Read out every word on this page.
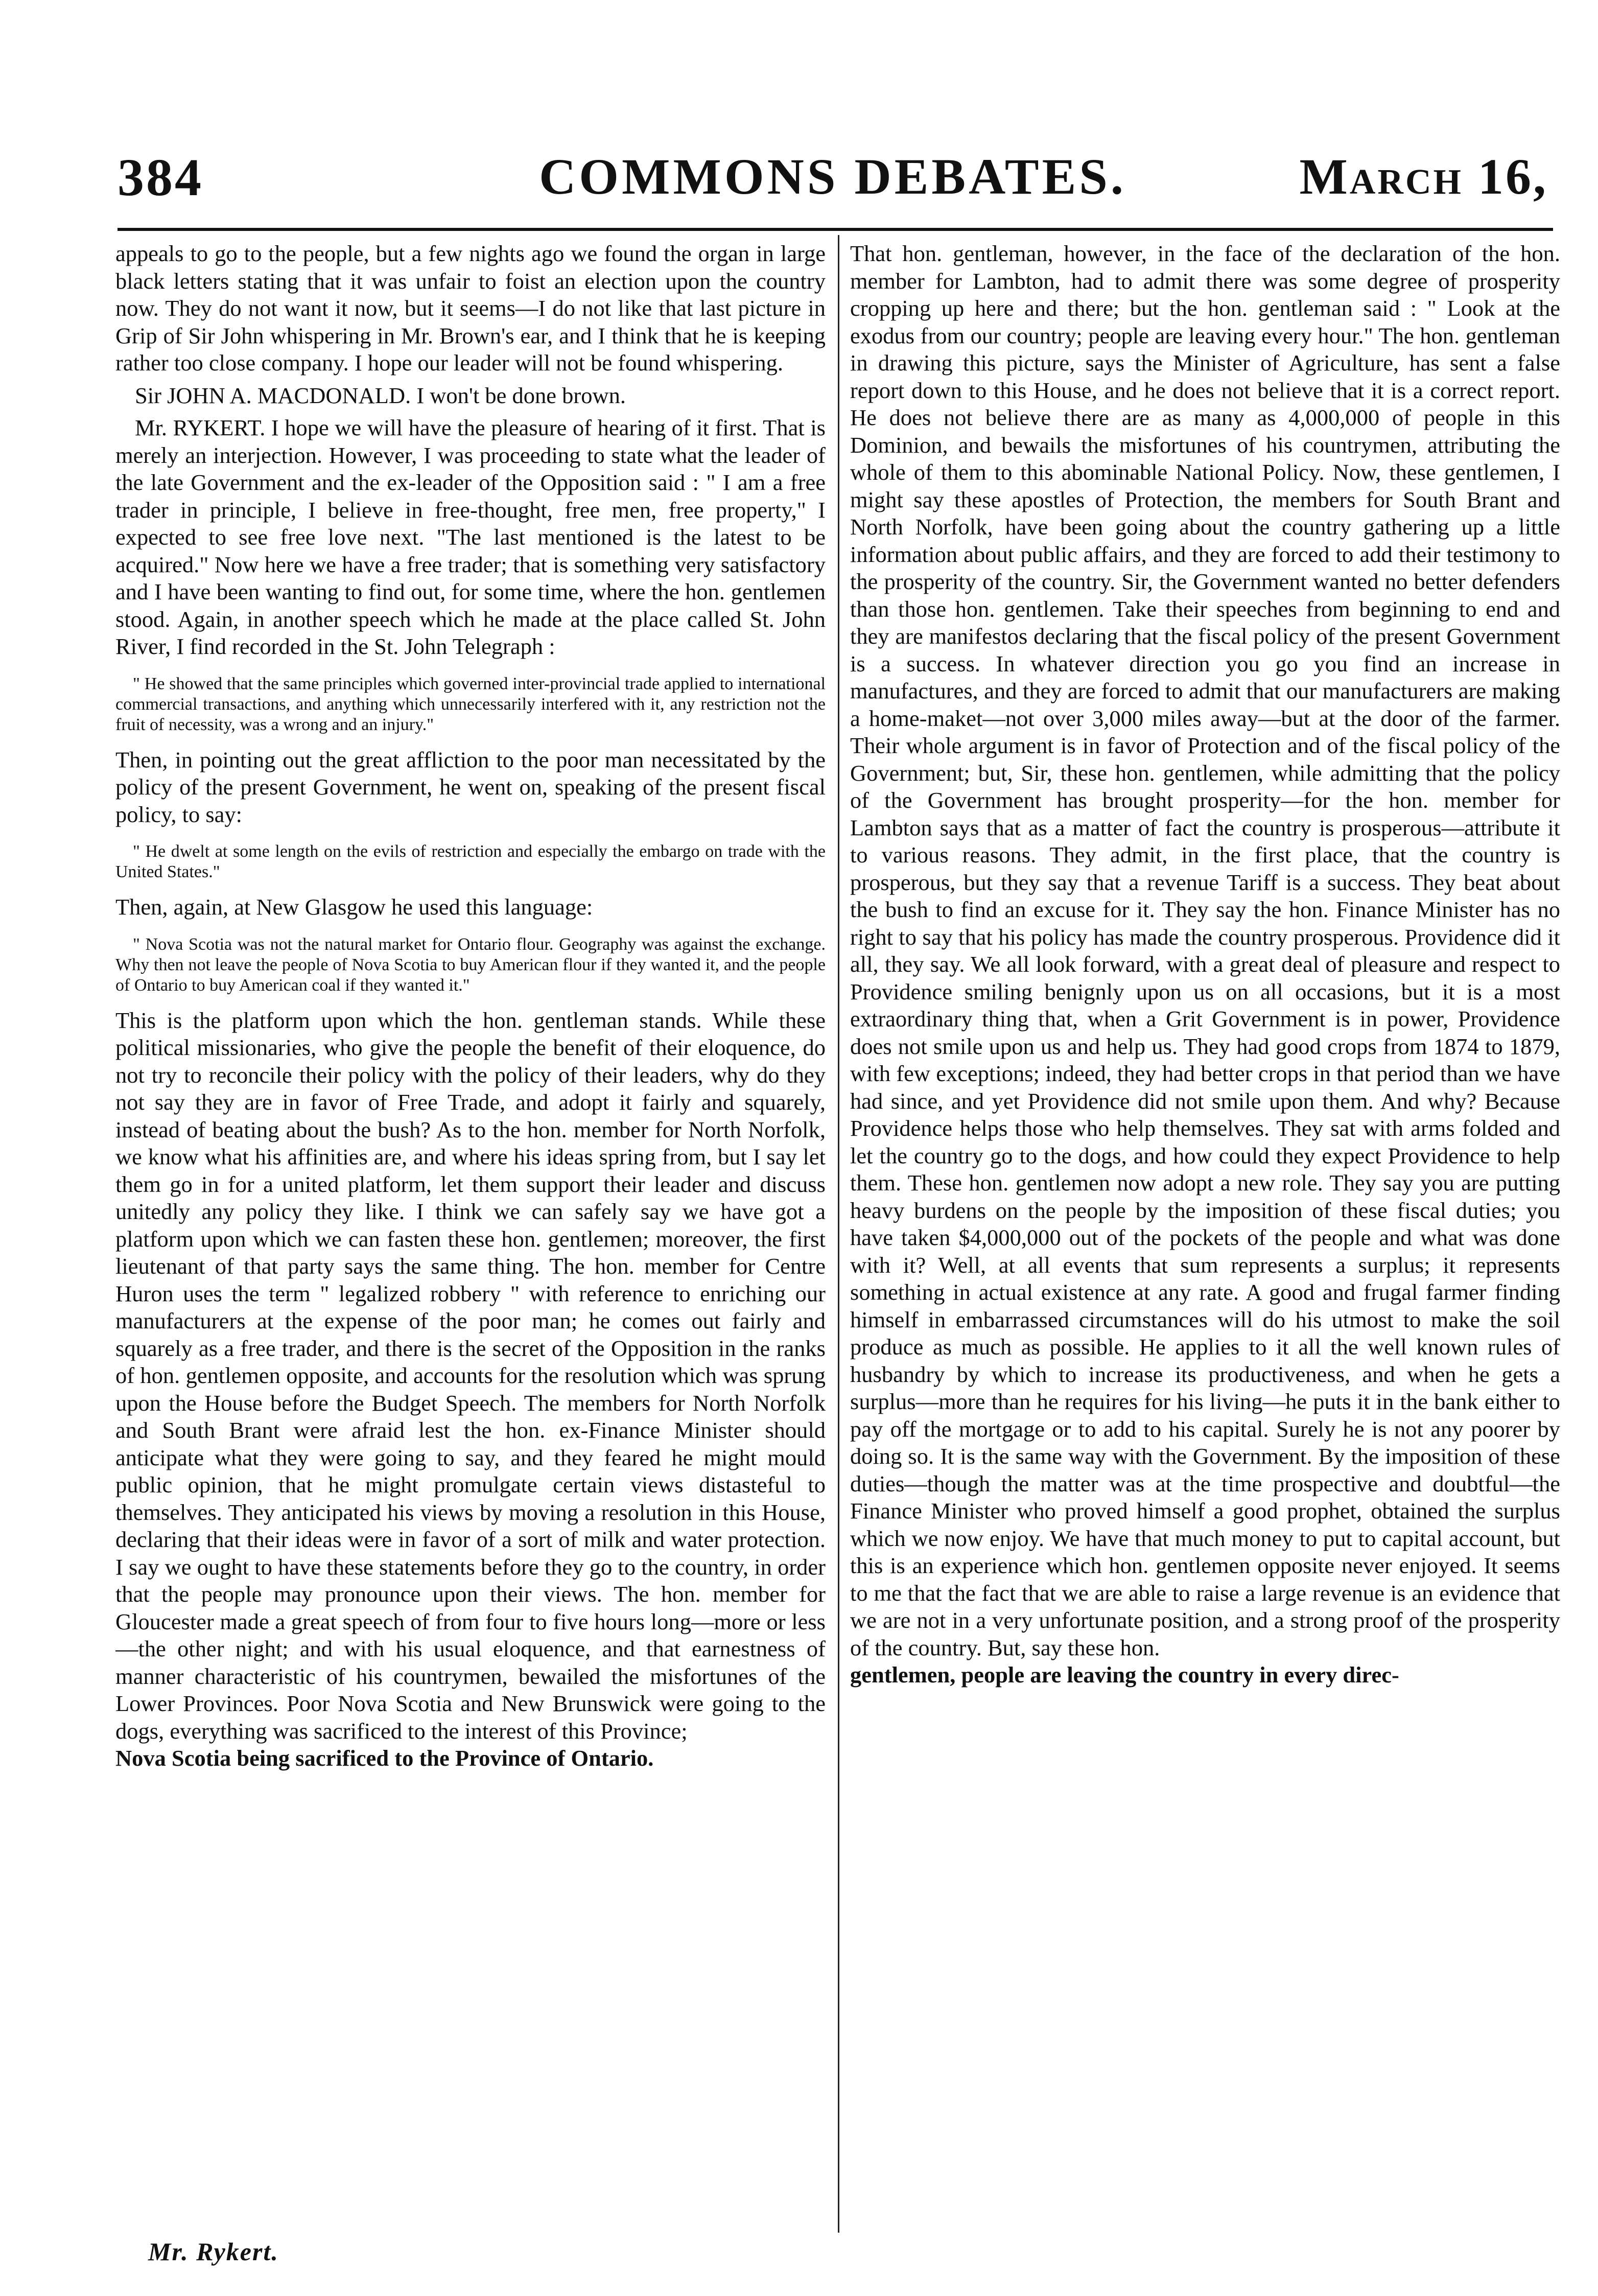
384	COMMONS DEBATES.	March 16,

appeals to go to the people, but a few nights ago we found the organ in large black letters stating that it was unfair to foist an election upon the country now. They do not want it now, but it seems—I do not like that last picture in Grip of Sir John whispering in Mr. Brown's ear, and I think that he is keeping rather too close company. I hope our leader will not be found whispering.

Sir JOHN A. MACDONALD. I won't be done brown.

Mr. RYKERT. I hope we will have the pleasure of hearing of it first. That is merely an interjection. However, I was proceeding to state what the leader of the late Government and the ex-leader of the Opposition said : " I am a free trader in principle, I believe in free-thought, free men, free property," I expected to see free love next. "The last mentioned is the latest to be acquired." Now here we have a free trader; that is something very satisfactory and I have been wanting to find out, for some time, where the hon. gentlemen stood. Again, in another speech which he made at the place called St. John River, I find recorded in the St. John Telegraph :

" He showed that the same principles which governed inter-provincial trade applied to international commercial transactions, and anything which unnecessarily interfered with it, any restriction not the fruit of necessity, was a wrong and an injury."

Then, in pointing out the great affliction to the poor man necessitated by the policy of the present Government, he went on, speaking of the present fiscal policy, to say:

" He dwelt at some length on the evils of restriction and especially the embargo on trade with the United States."

Then, again, at New Glasgow he used this language:

" Nova Scotia was not the natural market for Ontario flour. Geography was against the exchange. Why then not leave the people of Nova Scotia to buy American flour if they wanted it, and the people of Ontario to buy American coal if they wanted it."

This is the platform upon which the hon. gentleman stands. While these political missionaries, who give the people the benefit of their eloquence, do not try to reconcile their policy with the policy of their leaders, why do they not say they are in favor of Free Trade, and adopt it fairly and squarely, instead of beating about the bush? As to the hon. member for North Norfolk, we know what his affinities are, and where his ideas spring from, but I say let them go in for a united platform, let them support their leader and discuss unitedly any policy they like. I think we can safely say we have got a platform upon which we can fasten these hon. gentlemen; moreover, the first lieutenant of that party says the same thing. The hon. member for Centre Huron uses the term " legalized robbery " with reference to enriching our manufacturers at the expense of the poor man; he comes out fairly and squarely as a free trader, and there is the secret of the Opposition in the ranks of hon. gentlemen opposite, and accounts for the resolution which was sprung upon the House before the Budget Speech. The members for North Norfolk and South Brant were afraid lest the hon. ex-Finance Minister should anticipate what they were going to say, and they feared he might mould public opinion, that he might promulgate certain views distasteful to themselves. They anticipated his views by moving a resolution in this House, declaring that their ideas were in favor of a sort of milk and water protection. I say we ought to have these statements before they go to the country, in order that the people may pronounce upon their views. The hon. member for Gloucester made a great speech of from four to five hours long—more or less—the other night; and with his usual eloquence, and that earnestness of manner characteristic of his countrymen, bewailed the misfortunes of the Lower Provinces. Poor Nova Scotia and New Brunswick were going to the dogs, everything was sacrificed to the interest of this Province;

Nova Scotia being sacrificed to the Province of Ontario.

That hon. gentleman, however, in the face of the declaration of the hon. member for Lambton, had to admit there was some degree of prosperity cropping up here and there; but the hon. gentleman said : " Look at the exodus from our country; people are leaving every hour." The hon. gentleman in drawing this picture, says the Minister of Agriculture, has sent a false report down to this House, and he does not believe that it is a correct report. He does not believe there are as many as 4,000,000 of people in this Dominion, and bewails the misfortunes of his countrymen, attributing the whole of them to this abominable National Policy. Now, these gentlemen, I might say these apostles of Protection, the members for South Brant and North Norfolk, have been going about the country gathering up a little information about public affairs, and they are forced to add their testimony to the prosperity of the country. Sir, the Government wanted no better defenders than those hon. gentlemen. Take their speeches from beginning to end and they are manifestos declaring that the fiscal policy of the present Government is a success. In whatever direction you go you find an increase in manufactures, and they are forced to admit that our manufacturers are making a home-maket—not over 3,000 miles away—but at the door of the farmer. Their whole argument is in favor of Protection and of the fiscal policy of the Government; but, Sir, these hon. gentlemen, while admitting that the policy of the Government has brought prosperity—for the hon. member for Lambton says that as a matter of fact the country is prosperous—attribute it to various reasons. They admit, in the first place, that the country is prosperous, but they say that a revenue Tariff is a success. They beat about the bush to find an excuse for it. They say the hon. Finance Minister has no right to say that his policy has made the country prosperous. Providence did it all, they say. We all look forward, with a great deal of pleasure and respect to Providence smiling benignly upon us on all occasions, but it is a most extraordinary thing that, when a Grit Government is in power, Providence does not smile upon us and help us. They had good crops from 1874 to 1879, with few exceptions; indeed, they had better crops in that period than we have had since, and yet Providence did not smile upon them. And why? Because Providence helps those who help themselves. They sat with arms folded and let the country go to the dogs, and how could they expect Providence to help them. These hon. gentlemen now adopt a new role. They say you are putting heavy burdens on the people by the imposition of these fiscal duties; you have taken $4,000,000 out of the pockets of the people and what was done with it? Well, at all events that sum represents a surplus; it represents something in actual existence at any rate. A good and frugal farmer finding himself in embarrassed circumstances will do his utmost to make the soil produce as much as possible. He applies to it all the well known rules of husbandry by which to increase its productiveness, and when he gets a surplus—more than he requires for his living—he puts it in the bank either to pay off the mortgage or to add to his capital. Surely he is not any poorer by doing so. It is the same way with the Government. By the imposition of these duties—though the matter was at the time prospective and doubtful—the Finance Minister who proved himself a good prophet, obtained the surplus which we now enjoy. We have that much money to put to capital account, but this is an experience which hon. gentlemen opposite never enjoyed. It seems to me that the fact that we are able to raise a large revenue is an evidence that we are not in a very unfortunate position, and a strong proof of the prosperity of the country. But, say these hon.

gentlemen, people are leaving the country in every direc-

Mr. Rykert.
